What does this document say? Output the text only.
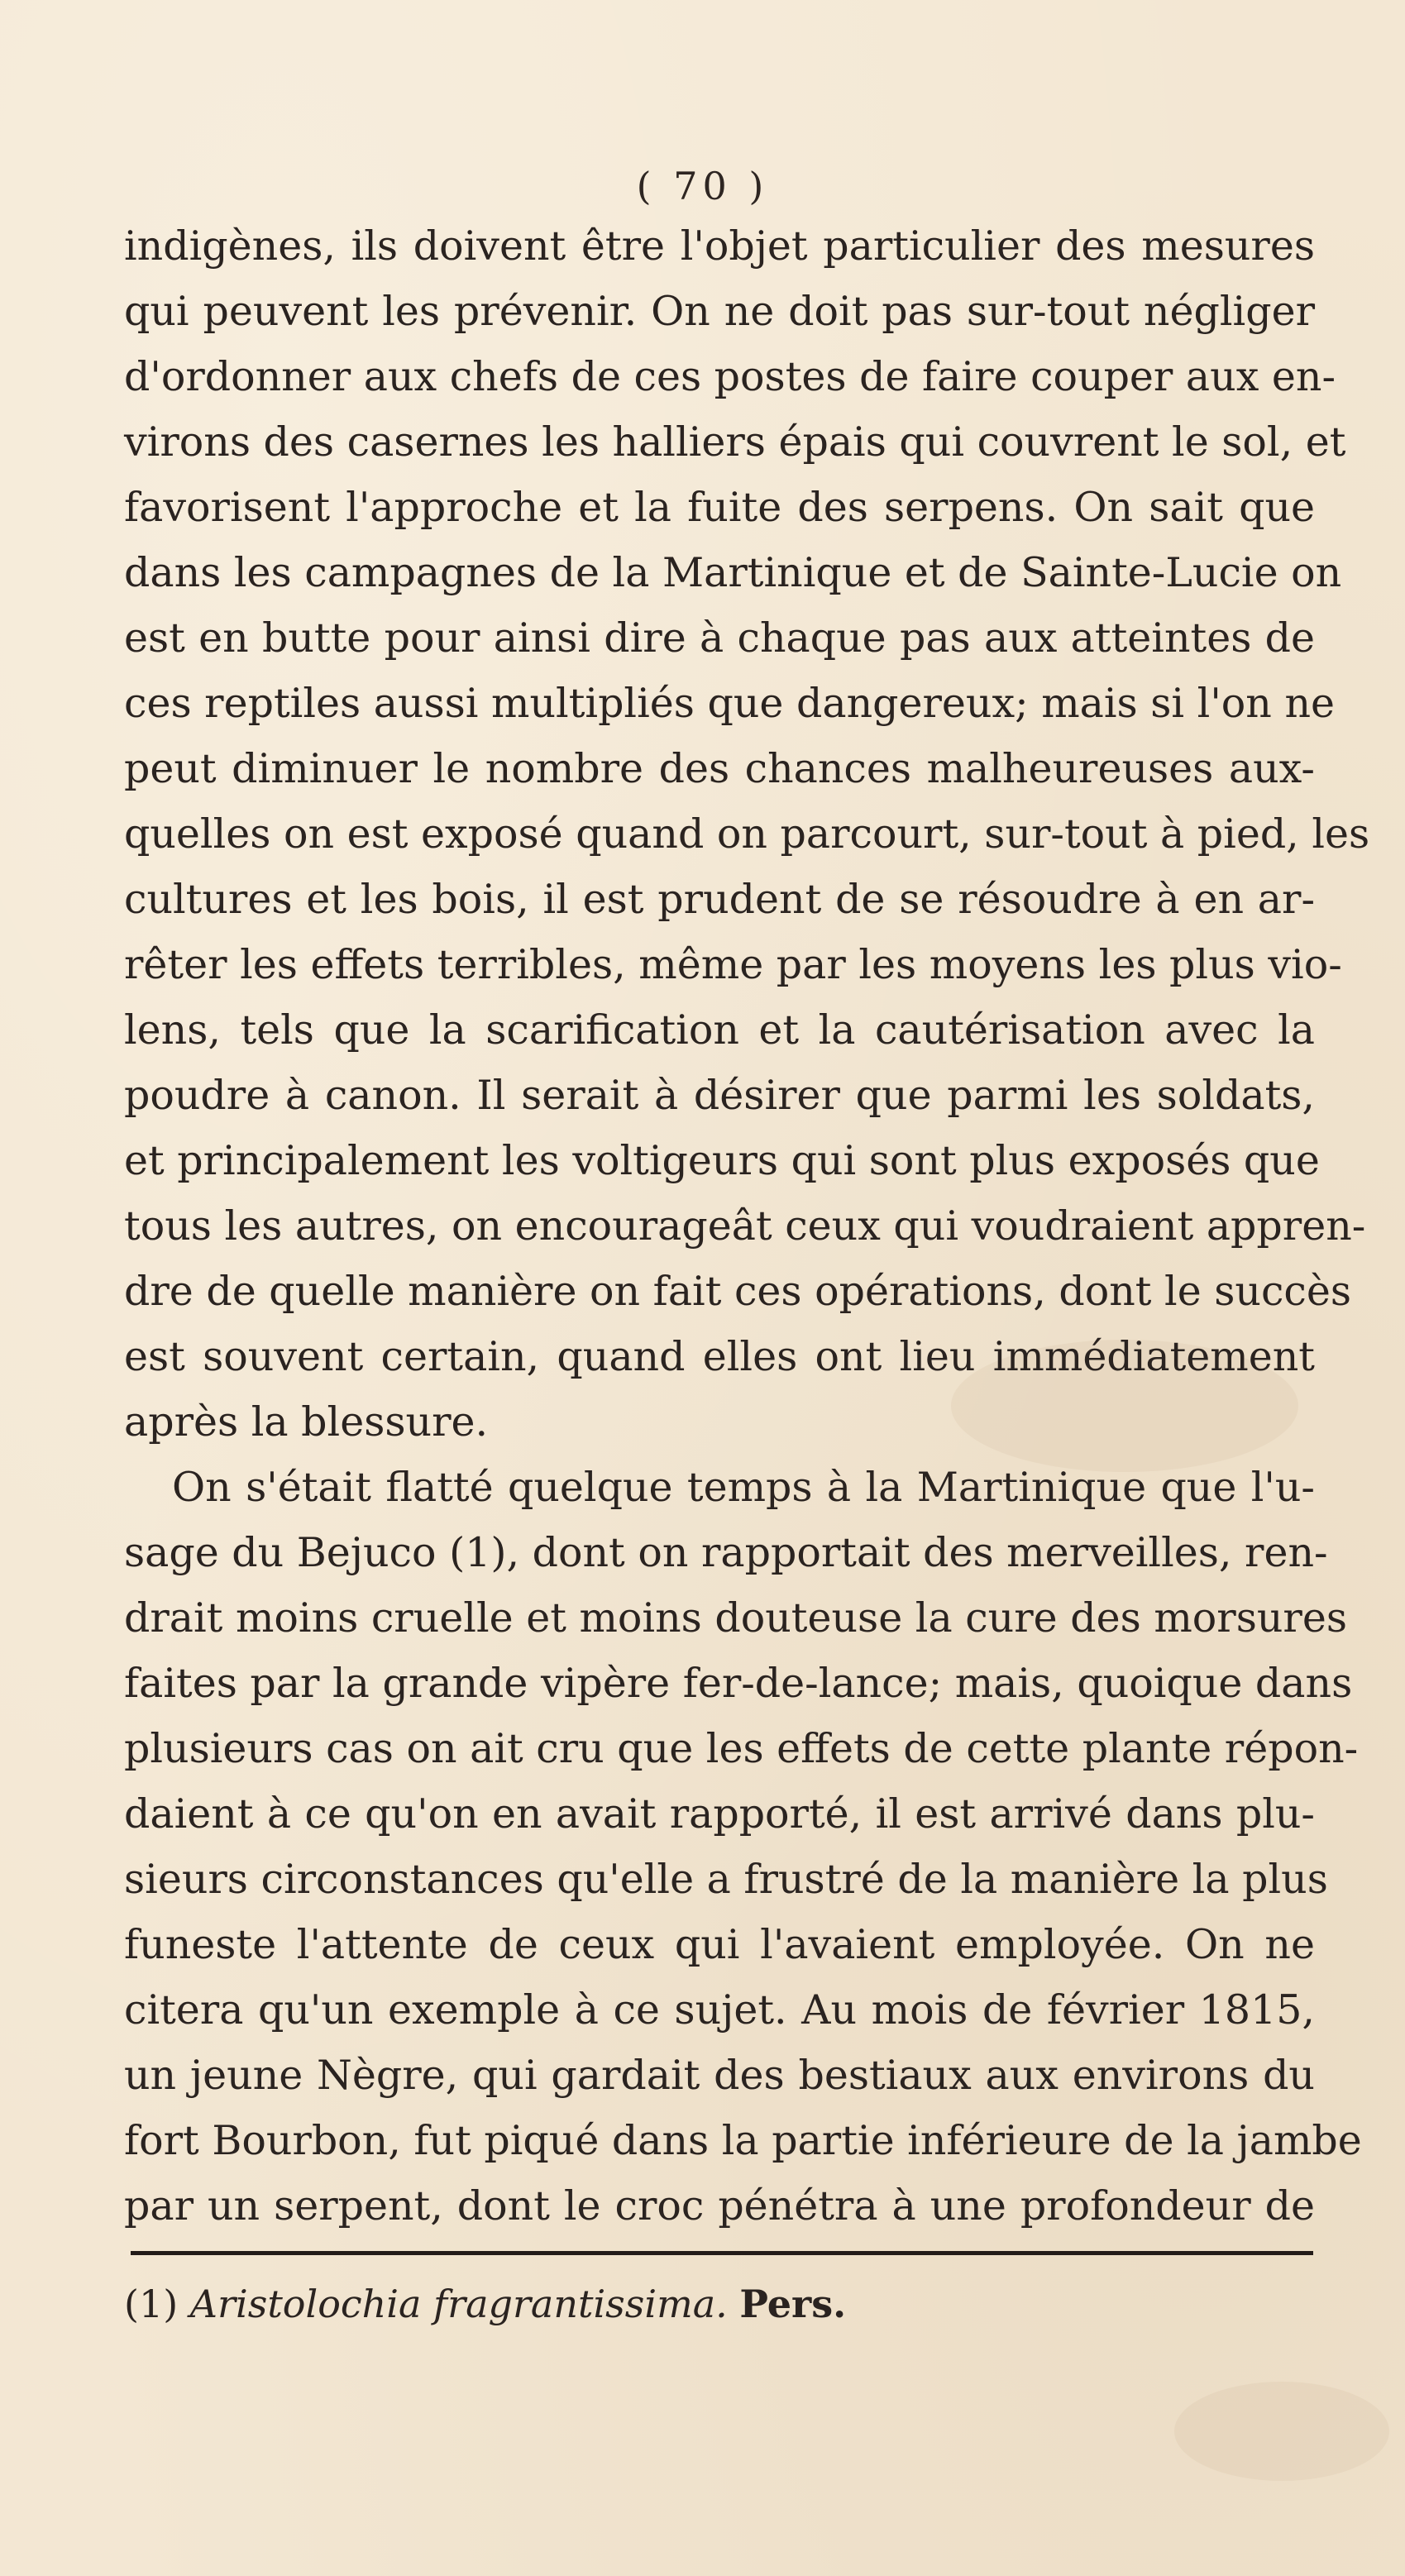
( 70 )
indigènes, ils doivent être l'objet particulier des mesures
qui peuvent les prévenir. On ne doit pas sur-tout négliger
d'ordonner aux chefs de ces postes de faire couper aux en-
virons des casernes les halliers épais qui couvrent le sol, et
favorisent l'approche et la fuite des serpens. On sait que
dans les campagnes de la Martinique et de Sainte-Lucie on
est en butte pour ainsi dire à chaque pas aux atteintes de
ces reptiles aussi multipliés que dangereux; mais si l'on ne
peut diminuer le nombre des chances malheureuses aux-
quelles on est exposé quand on parcourt, sur-tout à pied, les
cultures et les bois, il est prudent de se résoudre à en ar-
rêter les effets terribles, même par les moyens les plus vio-
lens, tels que la scarification et la cautérisation avec la
poudre à canon. Il serait à désirer que parmi les soldats,
et principalement les voltigeurs qui sont plus exposés que
tous les autres, on encourageât ceux qui voudraient appren-
dre de quelle manière on fait ces opérations, dont le succès
est souvent certain, quand elles ont lieu immédiatement
après la blessure.
On s'était flatté quelque temps à la Martinique que l'u-
sage du Bejuco (1), dont on rapportait des merveilles, ren-
drait moins cruelle et moins douteuse la cure des morsures
faites par la grande vipère fer-de-lance; mais, quoique dans
plusieurs cas on ait cru que les effets de cette plante répon-
daient à ce qu'on en avait rapporté, il est arrivé dans plu-
sieurs circonstances qu'elle a frustré de la manière la plus
funeste l'attente de ceux qui l'avaient employée. On ne
citera qu'un exemple à ce sujet. Au mois de février 1815,
un jeune Nègre, qui gardait des bestiaux aux environs du
fort Bourbon, fut piqué dans la partie inférieure de la jambe
par un serpent, dont le croc pénétra à une profondeur de
(1) Aristolochia fragrantissima. Pers.
